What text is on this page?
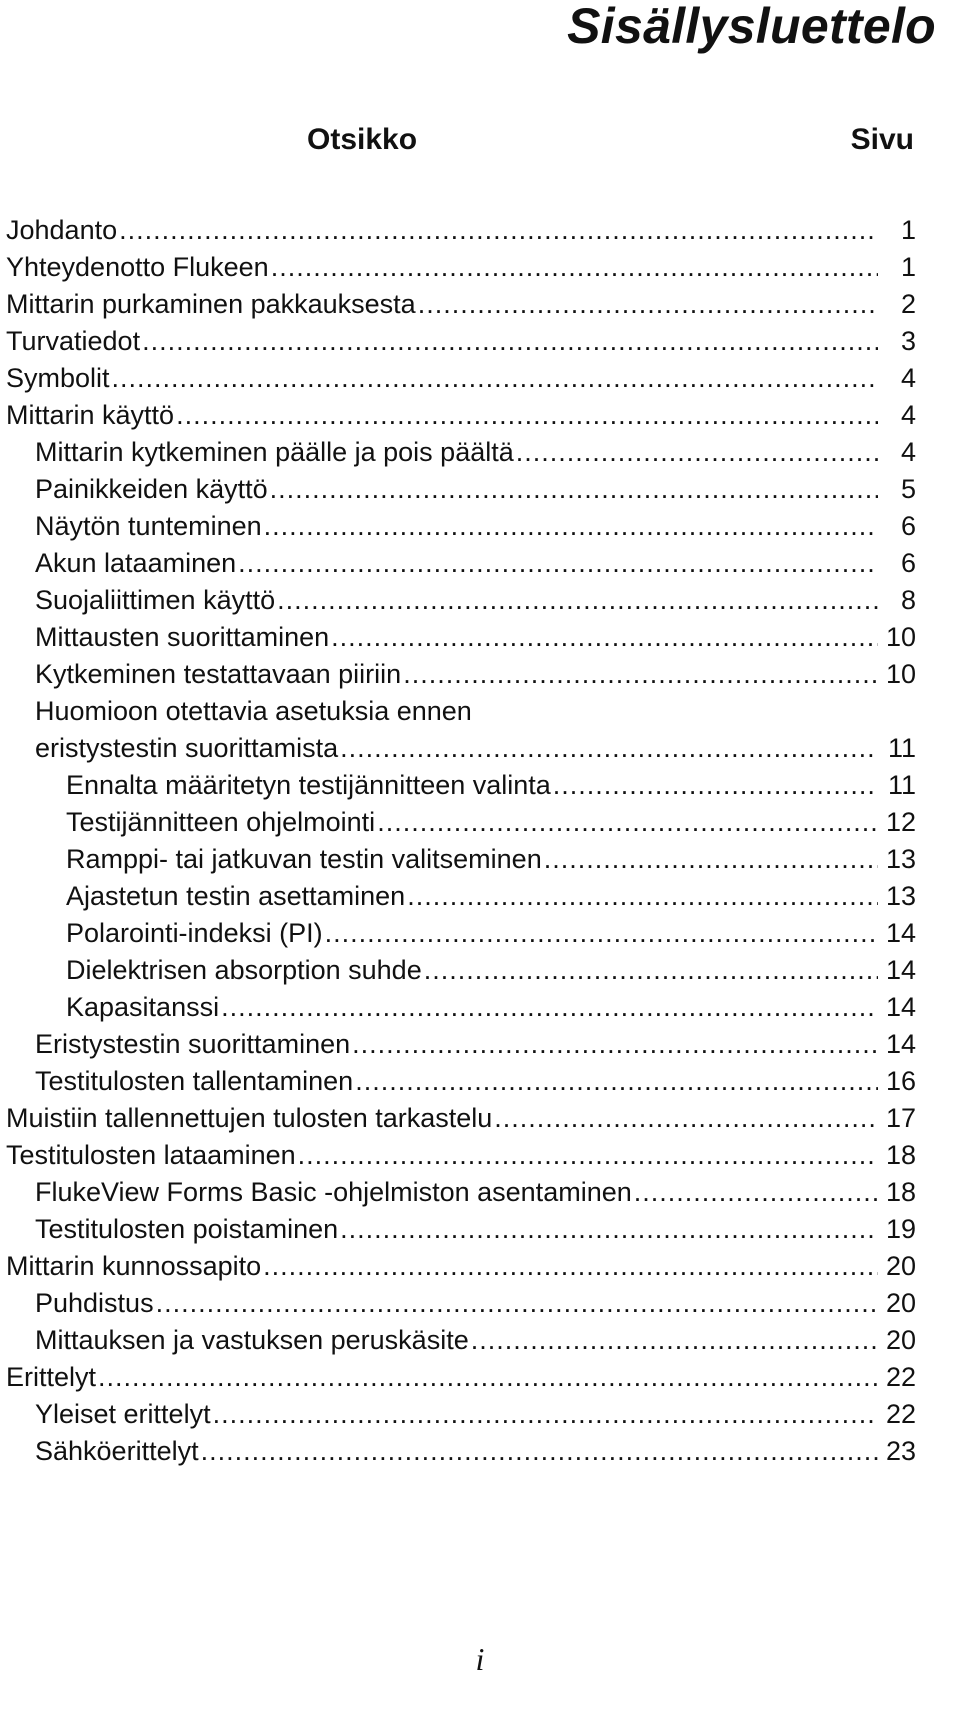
Sisällysluettelo
Otsikko	Sivu
Johdanto .....	1
Yhteydenotto Flukeen .....	1
Mittarin purkaminen pakkauksesta .....	2
Turvatiedot .....	3
Symbolit .....	4
Mittarin käyttö .....	4
Mittarin kytkeminen päälle ja pois päältä .....	4
Painikkeiden käyttö .....	5
Näytön tunteminen .....	6
Akun lataaminen .....	6
Suojaliittimen käyttö .....	8
Mittausten suorittaminen .....	10
Kytkeminen testattavaan piiriin .....	10
Huomioon otettavia asetuksia ennen
eristystestin suorittamista .....	11
Ennalta määritetyn testijännitteen valinta .....	11
Testijännitteen ohjelmointi .....	12
Ramppi- tai jatkuvan testin valitseminen .....	13
Ajastetun testin asettaminen .....	13
Polarointi-indeksi (PI) .....	14
Dielektrisen absorption suhde .....	14
Kapasitanssi .....	14
Eristystestin suorittaminen .....	14
Testitulosten tallentaminen .....	16
Muistiin tallennettujen tulosten tarkastelu .....	17
Testitulosten lataaminen .....	18
FlukeView Forms Basic -ohjelmiston asentaminen .....	18
Testitulosten poistaminen .....	19
Mittarin kunnossapito .....	20
Puhdistus .....	20
Mittauksen ja vastuksen peruskäsite .....	20
Erittelyt .....	22
Yleiset erittelyt .....	22
Sähköerittelyt .....	23
i
